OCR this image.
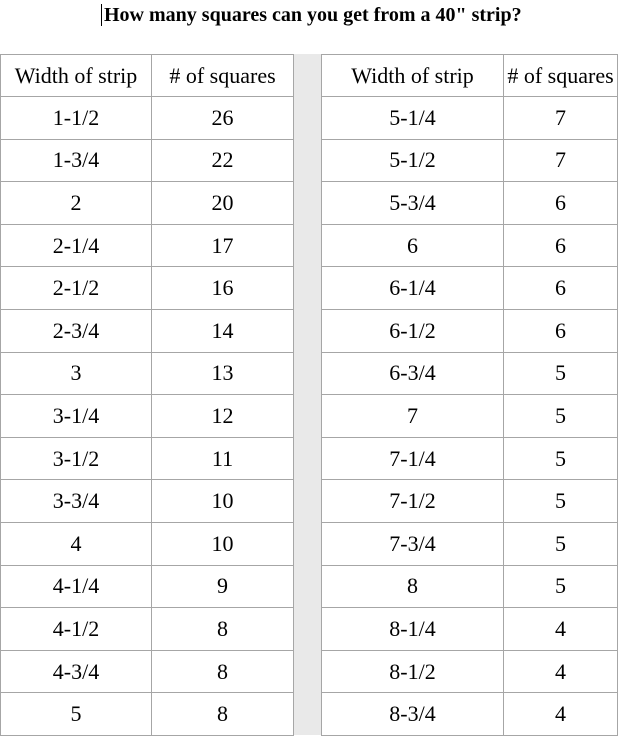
How many squares can you get from a 40" strip?
Width of strip	# of squares		Width of strip	# of squares
1-1/2	26		5-1/4	7
1-3/4	22		5-1/2	7
2	20		5-3/4	6
2-1/4	17		6	6
2-1/2	16		6-1/4	6
2-3/4	14		6-1/2	6
3	13		6-3/4	5
3-1/4	12		7	5
3-1/2	11		7-1/4	5
3-3/4	10		7-1/2	5
4	10		7-3/4	5
4-1/4	9		8	5
4-1/2	8		8-1/4	4
4-3/4	8		8-1/2	4
5	8		8-3/4	4
